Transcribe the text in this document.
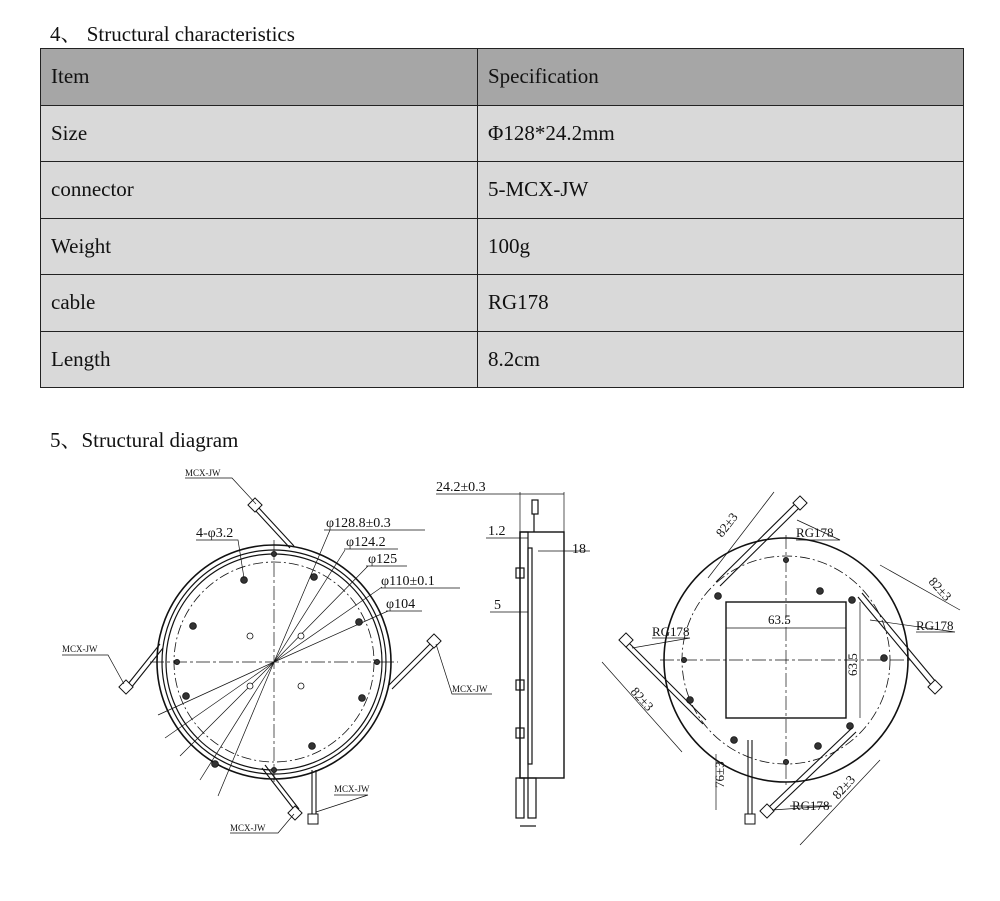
4、 Structural characteristics
Item	Specification
Size	Φ128*24.2mm
connector	5-MCX-JW
Weight	100g
cable	RG178
Length	8.2cm
5、Structural diagram
MCX-JW
MCX-JW
MCX-JW
MCX-JW
MCX-JW
4-φ3.2
φ128.8±0.3
φ124.2
φ125
φ110±0.1
φ104
24.2±0.3
1.2
18
5
RG178
RG178	RG178
RG178
63.5
63.5
76±3
82±3
82±3
82±3
82±3
